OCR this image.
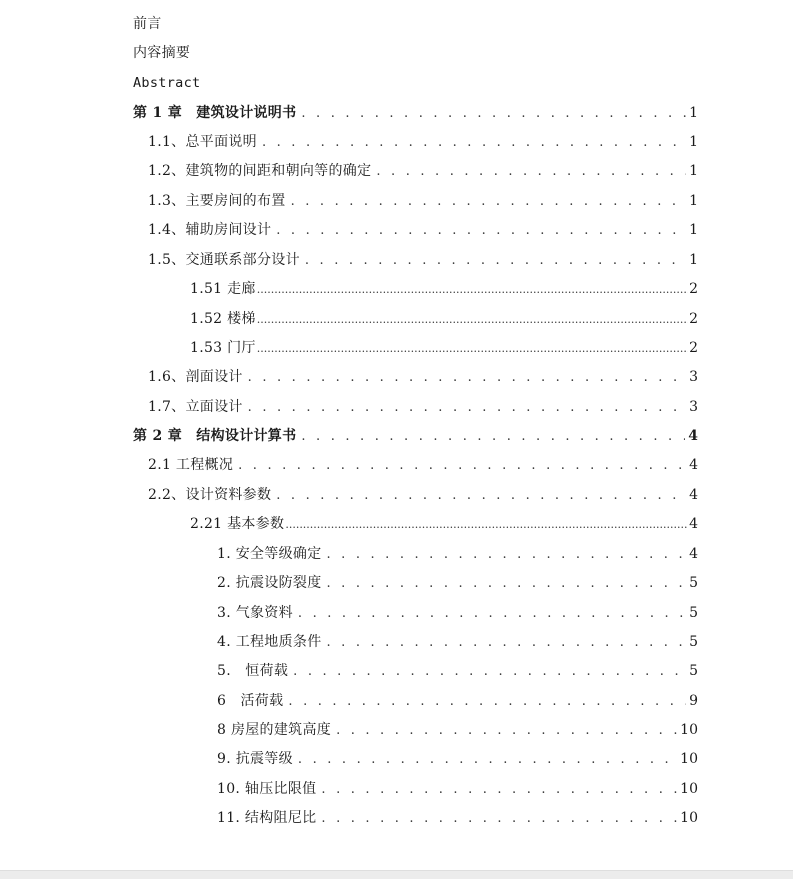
前言
内容摘要
Abstract
第 1 章　建筑设计说明书 . . .	1
1.1、总平面说明 . . .	1
1.2、建筑物的间距和朝向等的确定 . . .	1
1.3、主要房间的布置 . . .	1
1.4、辅助房间设计 . . .	1
1.5、交通联系部分设计 . . .	1
1.51 走廊 .....	2
1.52 楼梯 .....	2
1.53 门厅 .....	2
1.6、剖面设计 . . .	3
1.7、立面设计 . . .	3
第 2 章　结构设计计算书 . . .	4
2.1 工程概况 . . .	4
2.2、设计资料参数 . . .	4
2.21 基本参数 .....	4
1. 安全等级确定 . . .	4
2. 抗震设防裂度 . . .	5
3. 气象资料 . . .	5
4. 工程地质条件 . . .	5
5.　恒荷载 . . .	5
6　活荷载 . . .	9
8 房屋的建筑高度 . . .	10
9. 抗震等级 . . .	10
10. 轴压比限值 . . .	10
11. 结构阻尼比 . . .	10
